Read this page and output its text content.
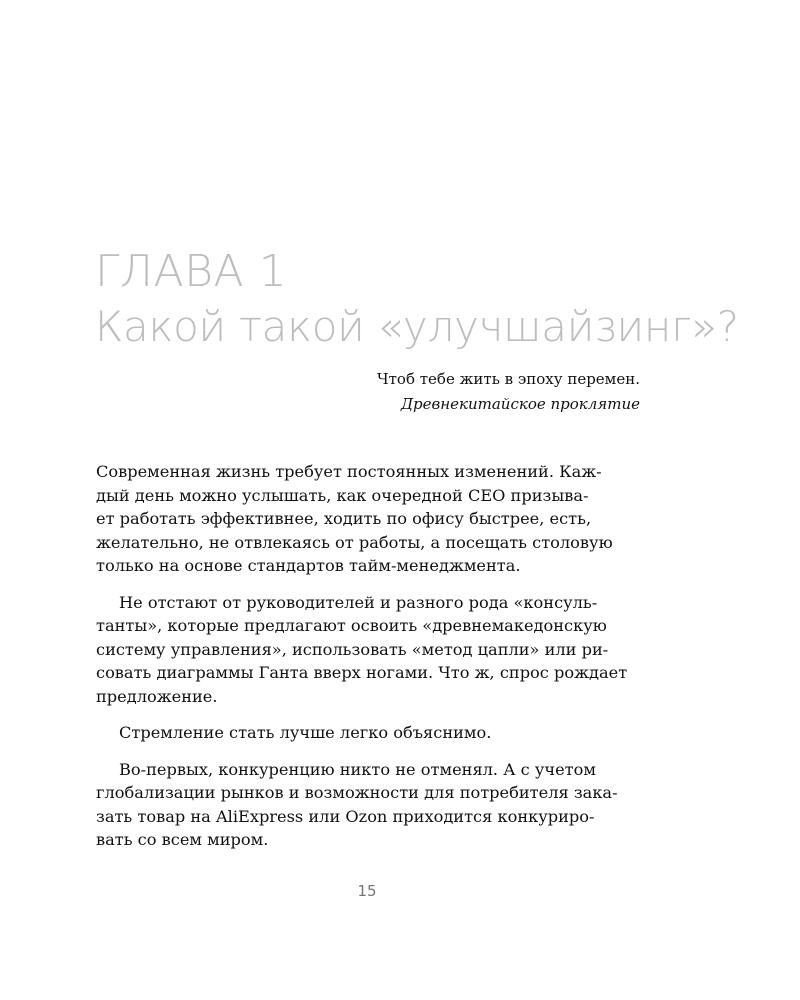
ГЛАВА 1
Какой такой «улучшайзинг»?
Чтоб тебе жить в эпоху перемен.
Древнекитайское проклятие

Современная жизнь требует постоянных изменений. Каж-
дый день можно услышать, как очередной CEO призыва-
ет работать эффективнее, ходить по офису быстрее, есть,
желательно, не отвлекаясь от работы, а посещать столовую
только на основе стандартов тайм-менеджмента.

Не отстают от руководителей и разного рода «консуль-
танты», которые предлагают освоить «древнемакедонскую
систему управления», использовать «метод цапли» или ри-
совать диаграммы Ганта вверх ногами. Что ж, спрос рождает
предложение.

Стремление стать лучше легко объяснимо.

Во-первых, конкуренцию никто не отменял. А с учетом
глобализации рынков и возможности для потребителя зака-
зать товар на AliExpress или Ozon приходится конкуриро-
вать со всем миром.

15
